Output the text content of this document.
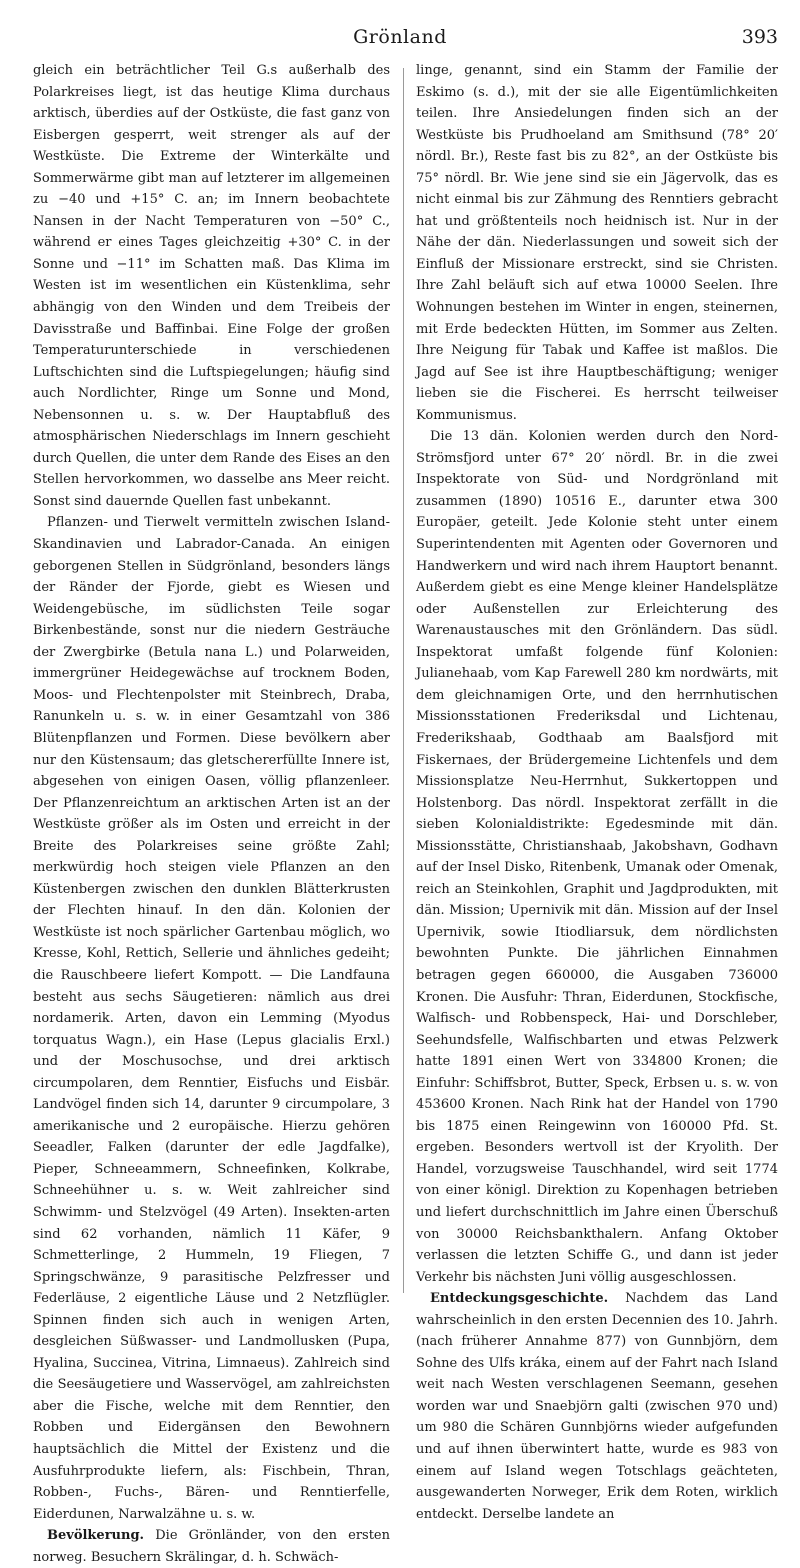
Grönland	393

gleich ein beträchtlicher Teil G.s außerhalb des Polarkreises liegt, ist das heutige Klima durchaus arktisch, überdies auf der Ostküste, die fast ganz von Eisbergen gesperrt, weit strenger als auf der Westküste. Die Extreme der Winterkälte und Sommerwärme gibt man auf letzterer im allgemeinen zu −40 und +15° C. an; im Innern beobachtete Nansen in der Nacht Temperaturen von −50° C., während er eines Tages gleichzeitig +30° C. in der Sonne und −11° im Schatten maß. Das Klima im Westen ist im wesentlichen ein Küstenklima, sehr abhängig von den Winden und dem Treibeis der Davisstraße und Baffinbai. Eine Folge der großen Temperaturunterschiede in verschiedenen Luftschichten sind die Luftspiegelungen; häufig sind auch Nordlichter, Ringe um Sonne und Mond, Nebensonnen u. s. w. Der Hauptabfluß des atmosphärischen Niederschlags im Innern geschieht durch Quellen, die unter dem Rande des Eises an den Stellen hervorkommen, wo dasselbe ans Meer reicht. Sonst sind dauernde Quellen fast unbekannt.

Pflanzen- und Tierwelt vermitteln zwischen Island-Skandinavien und Labrador-Canada. An einigen geborgenen Stellen in Südgrönland, besonders längs der Ränder der Fjorde, giebt es Wiesen und Weidengebüsche, im südlichsten Teile sogar Birkenbestände, sonst nur die niedern Gesträuche der Zwergbirke (Betula nana L.) und Polarweiden, immergrüner Heidegewächse auf trocknem Boden, Moos- und Flechtenpolster mit Steinbrech, Draba, Ranunkeln u. s. w. in einer Gesamtzahl von 386 Blütenpflanzen und Formen. Diese bevölkern aber nur den Küstensaum; das gletschererfüllte Innere ist, abgesehen von einigen Oasen, völlig pflanzenleer. Der Pflanzenreichtum an arktischen Arten ist an der Westküste größer als im Osten und erreicht in der Breite des Polarkreises seine größte Zahl; merkwürdig hoch steigen viele Pflanzen an den Küstenbergen zwischen den dunklen Blätterkrusten der Flechten hinauf. In den dän. Kolonien der Westküste ist noch spärlicher Gartenbau möglich, wo Kresse, Kohl, Rettich, Sellerie und ähnliches gedeiht; die Rauschbeere liefert Kompott. — Die Landfauna besteht aus sechs Säugetieren: nämlich aus drei nordamerik. Arten, davon ein Lemming (Myodus torquatus Wagn.), ein Hase (Lepus glacialis Erxl.) und der Moschusochse, und drei arktisch circumpolaren, dem Renntier, Eisfuchs und Eisbär. Landvögel finden sich 14, darunter 9 circumpolare, 3 amerikanische und 2 europäische. Hierzu gehören Seeadler, Falken (darunter der edle Jagdfalke), Pieper, Schneeammern, Schneefinken, Kolkrabe, Schneehühner u. s. w. Weit zahlreicher sind Schwimm- und Stelzvögel (49 Arten). Insekten-arten sind 62 vorhanden, nämlich 11 Käfer, 9 Schmetterlinge, 2 Hummeln, 19 Fliegen, 7 Springschwänze, 9 parasitische Pelzfresser und Federläuse, 2 eigentliche Läuse und 2 Netzflügler. Spinnen finden sich auch in wenigen Arten, desgleichen Süßwasser- und Landmollusken (Pupa, Hyalina, Succinea, Vitrina, Limnaeus). Zahlreich sind die Seesäugetiere und Wasservögel, am zahlreichsten aber die Fische, welche mit dem Renntier, den Robben und Eidergänsen den Bewohnern hauptsächlich die Mittel der Existenz und die Ausfuhrprodukte liefern, als: Fischbein, Thran, Robben-, Fuchs-, Bären- und Renntierfelle, Eiderdunen, Narwalzähne u. s. w.

Bevölkerung. Die Grönländer, von den ersten norweg. Besuchern Skrälingar, d. h. Schwäch-

linge, genannt, sind ein Stamm der Familie der Eskimo (s. d.), mit der sie alle Eigentümlichkeiten teilen. Ihre Ansiedelungen finden sich an der Westküste bis Prudhoeland am Smithsund (78° 20′ nördl. Br.), Reste fast bis zu 82°, an der Ostküste bis 75° nördl. Br. Wie jene sind sie ein Jägervolk, das es nicht einmal bis zur Zähmung des Renntiers gebracht hat und größtenteils noch heidnisch ist. Nur in der Nähe der dän. Niederlassungen und soweit sich der Einfluß der Missionare erstreckt, sind sie Christen. Ihre Zahl beläuft sich auf etwa 10000 Seelen. Ihre Wohnungen bestehen im Winter in engen, steinernen, mit Erde bedeckten Hütten, im Sommer aus Zelten. Ihre Neigung für Tabak und Kaffee ist maßlos. Die Jagd auf See ist ihre Hauptbeschäftigung; weniger lieben sie die Fischerei. Es herrscht teilweiser Kommunismus.

Die 13 dän. Kolonien werden durch den Nord-Strömsfjord unter 67° 20′ nördl. Br. in die zwei Inspektorate von Süd- und Nordgrönland mit zusammen (1890) 10516 E., darunter etwa 300 Europäer, geteilt. Jede Kolonie steht unter einem Superintendenten mit Agenten oder Governoren und Handwerkern und wird nach ihrem Hauptort benannt. Außerdem giebt es eine Menge kleiner Handelsplätze oder Außenstellen zur Erleichterung des Warenaustausches mit den Grönländern. Das südl. Inspektorat umfaßt folgende fünf Kolonien: Julianehaab, vom Kap Farewell 280 km nordwärts, mit dem gleichnamigen Orte, und den herrnhutischen Missionsstationen Frederiksdal und Lichtenau, Frederikshaab, Godthaab am Baalsfjord mit Fiskernaes, der Brüdergemeine Lichtenfels und dem Missionsplatze Neu-Herrnhut, Sukkertoppen und Holstenborg. Das nördl. Inspektorat zerfällt in die sieben Kolonialdistrikte: Egedesminde mit dän. Missionsstätte, Christianshaab, Jakobshavn, Godhavn auf der Insel Disko, Ritenbenk, Umanak oder Omenak, reich an Steinkohlen, Graphit und Jagdprodukten, mit dän. Mission; Upernivik mit dän. Mission auf der Insel Upernivik, sowie Itiodliarsuk, dem nördlichsten bewohnten Punkte. Die jährlichen Einnahmen betragen gegen 660000, die Ausgaben 736000 Kronen. Die Ausfuhr: Thran, Eiderdunen, Stockfische, Walfisch- und Robbenspeck, Hai- und Dorschleber, Seehundsfelle, Walfischbarten und etwas Pelzwerk hatte 1891 einen Wert von 334800 Kronen; die Einfuhr: Schiffsbrot, Butter, Speck, Erbsen u. s. w. von 453600 Kronen. Nach Rink hat der Handel von 1790 bis 1875 einen Reingewinn von 160000 Pfd. St. ergeben. Besonders wertvoll ist der Kryolith. Der Handel, vorzugsweise Tauschhandel, wird seit 1774 von einer königl. Direktion zu Kopenhagen betrieben und liefert durchschnittlich im Jahre einen Überschuß von 30000 Reichsbankthalern. Anfang Oktober verlassen die letzten Schiffe G., und dann ist jeder Verkehr bis nächsten Juni völlig ausgeschlossen.

Entdeckungsgeschichte. Nachdem das Land wahrscheinlich in den ersten Decennien des 10. Jahrh. (nach früherer Annahme 877) von Gunnbjörn, dem Sohne des Ulfs kráka, einem auf der Fahrt nach Island weit nach Westen verschlagenen Seemann, gesehen worden war und Snaebjörn galti (zwischen 970 und) um 980 die Schären Gunnbjörns wieder aufgefunden und auf ihnen überwintert hatte, wurde es 983 von einem auf Island wegen Totschlags geächteten, ausgewanderten Norweger, Erik dem Roten, wirklich entdeckt. Derselbe landete an
